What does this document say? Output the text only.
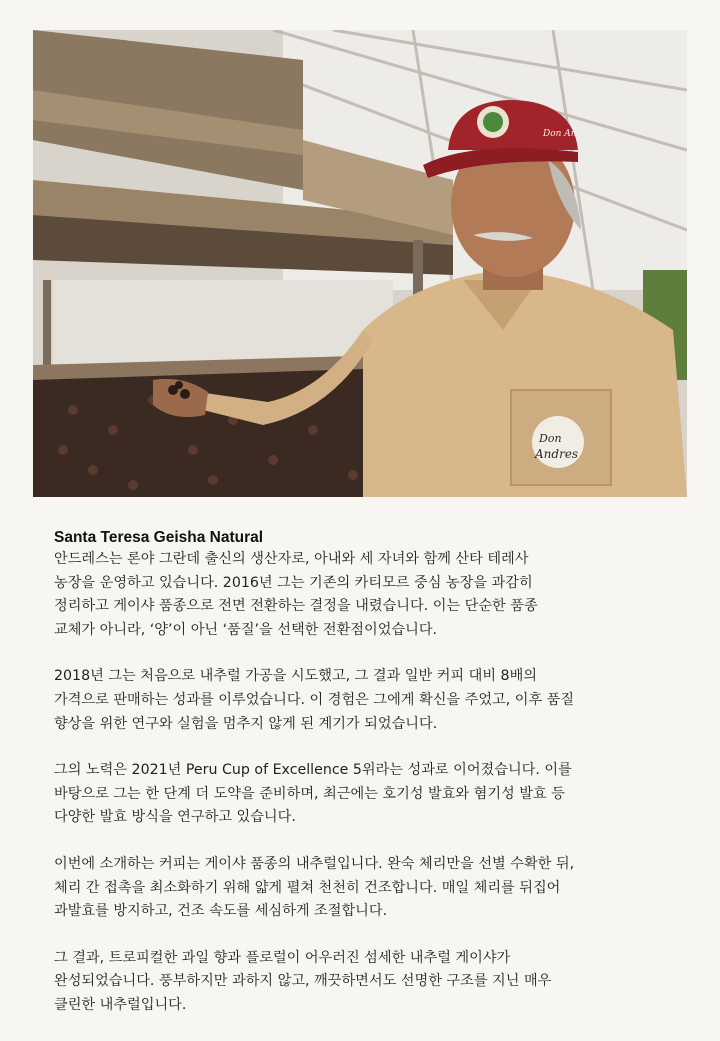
Don Andres
Don
Andres
Santa Teresa Geisha Natural
안드레스는 론야 그란데 출신의 생산자로, 아내와 세 자녀와 함께 산타 테레사
농장을 운영하고 있습니다. 2016년 그는 기존의 카티모르 중심 농장을 과감히
정리하고 게이샤 품종으로 전면 전환하는 결정을 내렸습니다. 이는 단순한 품종
교체가 아니라, ‘양’이 아닌 ‘품질’을 선택한 전환점이었습니다.
2018년 그는 처음으로 내추럴 가공을 시도했고, 그 결과 일반 커피 대비 8배의
가격으로 판매하는 성과를 이루었습니다. 이 경험은 그에게 확신을 주었고, 이후 품질
향상을 위한 연구와 실험을 멈추지 않게 된 계기가 되었습니다.
그의 노력은 2021년 Peru Cup of Excellence 5위라는 성과로 이어졌습니다. 이를
바탕으로 그는 한 단계 더 도약을 준비하며, 최근에는 호기성 발효와 혐기성 발효 등
다양한 발효 방식을 연구하고 있습니다.
이번에 소개하는 커피는 게이샤 품종의 내추럴입니다. 완숙 체리만을 선별 수확한 뒤,
체리 간 접촉을 최소화하기 위해 얇게 펼쳐 천천히 건조합니다. 매일 체리를 뒤집어
과발효를 방지하고, 건조 속도를 세심하게 조절합니다.
그 결과, 트로피컬한 과일 향과 플로럴이 어우러진 섬세한 내추럴 게이샤가
완성되었습니다. 풍부하지만 과하지 않고, 깨끗하면서도 선명한 구조를 지닌 매우
클린한 내추럴입니다.
